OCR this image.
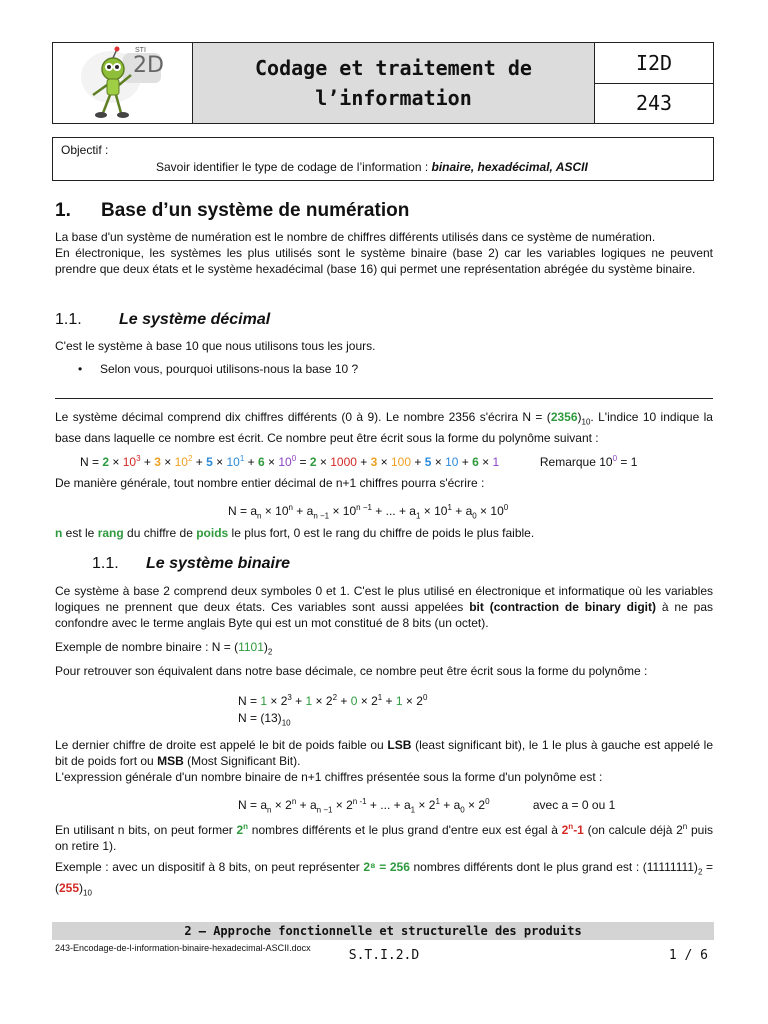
STI
2D	Codage et traitement de l’information
I2D
243
Objectif :
Savoir identifier le type de codage de l’information : binaire, hexadécimal, ASCII
1. Base d’un système de numération
La base d'un système de numération est le nombre de chiffres différents utilisés dans ce système de numération.
En électronique, les systèmes les plus utilisés sont le système binaire (base 2) car les variables logiques ne peuvent prendre que deux états et le système hexadécimal (base 16) qui permet une représentation abrégée du système binaire.
1.1. Le système décimal
C'est le système à base 10 que nous utilisons tous les jours.
• Selon vous, pourquoi utilisons-nous la base 10 ?
Le système décimal comprend dix chiffres différents (0 à 9). Le nombre 2356 s'écrira $N = (2356)_{10}$. L'indice 10 indique la base dans laquelle ce nombre est écrit. Ce nombre peut être écrit sous la forme du polynôme suivant :
$N = 2 \times 10^3 + 3 \times 10^2 + 5 \times 10^1 + 6 \times 10^0 = 2 \times 1000 + 3 \times 100 + 5 \times 10 + 6 \times 1$	Remarque $10^0 = 1$
De manière générale, tout nombre entier décimal de n+1 chiffres pourra s'écrire :
$N = a_n \times 10^n + a_{n -1} \times 10^{n -1}$ + ... + $a_1 \times 10^1 + a_0 \times 10^0$
n est le rang du chiffre de poids le plus fort, 0 est le rang du chiffre de poids le plus faible.
1.1. Le système binaire
Ce système à base 2 comprend deux symboles 0 et 1. C'est le plus utilisé en électronique et informatique où les variables logiques ne prennent que deux états. Ces variables sont aussi appelées bit (contraction de binary digit) à ne pas confondre avec le terme anglais Byte qui est un mot constitué de 8 bits (un octet).
Exemple de nombre binaire : $N = (1101)_2$
Pour retrouver son équivalent dans notre base décimale, ce nombre peut être écrit sous la forme du polynôme :
$N = 1 \times 2^3 + 1 \times 2^2 + 0 \times 2^1 + 1 \times 2^0$
$N = (13)_{10}$
Le dernier chiffre de droite est appelé le bit de poids faible ou LSB (least significant bit), le 1 le plus à gauche est appelé le bit de poids fort ou MSB (Most Significant Bit).
L'expression générale d'un nombre binaire de n+1 chiffres présentée sous la forme d'un polynôme est :
$N = a_n \times 2^n + a_{n -1} \times 2^{n -1}$ + ... + $a_1 \times 2^1 + a_0 \times 2^0$	avec a = 0 ou 1
En utilisant n bits, on peut former 2$^n$ nombres différents et le plus grand d'entre eux est égal à 2$^n$-1 (on calcule déjà 2$^n$ puis on retire 1).
Exemple : avec un dispositif à 8 bits, on peut représenter 2⁸ = 256 nombres différents dont le plus grand est : $(11111111)_2 = (255)_{10}$
2 – Approche fonctionnelle et structurelle des produits
243-Encodage-de-l-information-binaire-hexadecimal-ASCII.docx	S.T.I.2.D	1 / 6
